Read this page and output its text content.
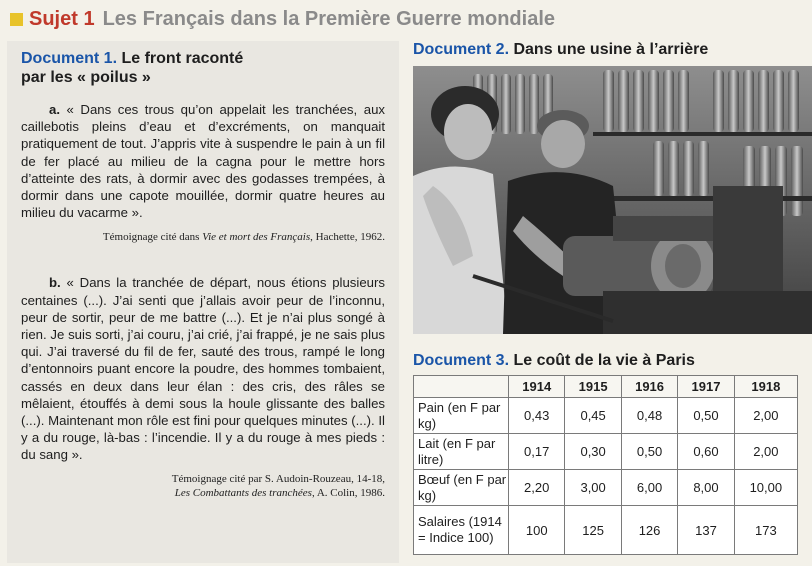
Sujet 1 Les Français dans la Première Guerre mondiale
Document 1. Le front raconté
par les « poilus »

a. « Dans ces trous qu’on appelait les tranchées, aux caillebotis pleins d’eau et d’excréments, on manquait pratiquement de tout. J’appris vite à suspendre le pain à un fil de fer placé au milieu de la cagna pour le mettre hors d’atteinte des rats, à dormir avec des godasses trempées, à dormir dans une capote mouillée, dormir quatre heures au milieu du vacarme ».

Témoignage cité dans Vie et mort des Français, Hachette, 1962.

b. « Dans la tranchée de départ, nous étions plusieurs centaines (...). J’ai senti que j’allais avoir peur de l’inconnu, peur de sortir, peur de me battre (...). Et je n’ai plus songé à rien. Je suis sorti, j’ai couru, j’ai crié, j’ai frappé, je ne sais plus qui. J’ai traversé du fil de fer, sauté des trous, rampé le long d’entonnoirs puant encore la poudre, des hommes tombaient, cassés en deux dans leur élan : des cris, des râles se mêlaient, étouffés à demi sous la houle glissante des balles (...). Maintenant mon rôle est fini pour quelques minutes (...). Il y a du rouge, là-bas : l’incendie. Il y a du rouge à mes pieds : du sang ».

Témoignage cité par S. Audoin-Rouzeau, 14-18,
Les Combattants des tranchées, A. Colin, 1986.

Document 2. Dans une usine à l’arrière
Document 3. Le coût de la vie à Paris
	1914	1915	1916	1917	1918
Pain (en F par kg)	0,43	0,45	0,48	0,50	2,00
Lait (en F par litre)	0,17	0,30	0,50	0,60	2,00
Bœuf (en F par kg)	2,20	3,00	6,00	8,00	10,00
Salaires (1914 = Indice 100)	100	125	126	137	173
